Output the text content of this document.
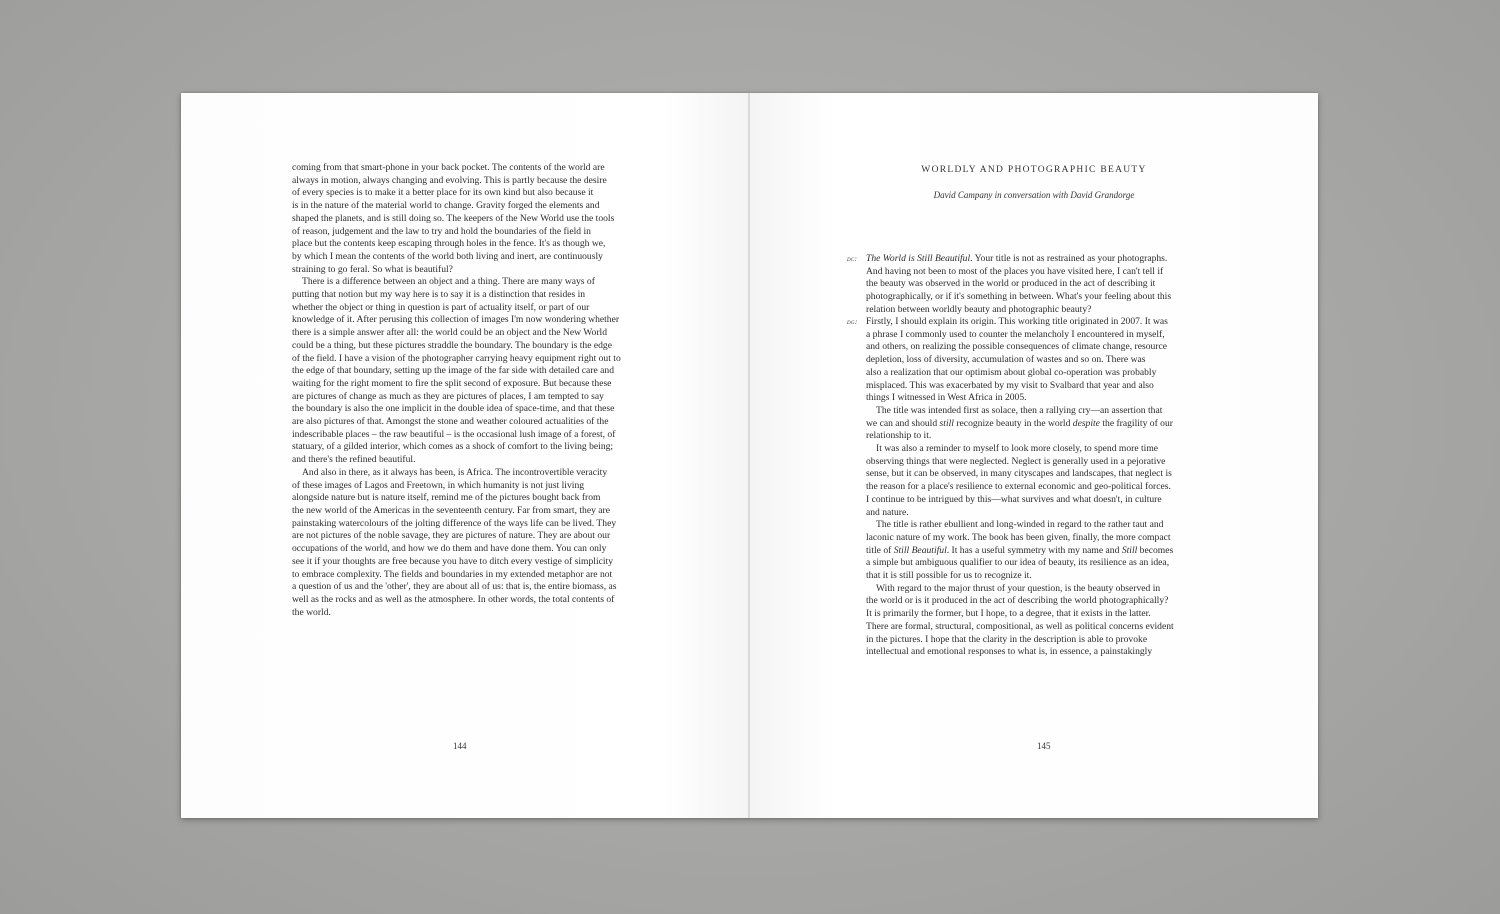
coming from that smart-phone in your back pocket. The contents of the world are
always in motion, always changing and evolving. This is partly because the desire
of every species is to make it a better place for its own kind but also because it
is in the nature of the material world to change. Gravity forged the elements and
shaped the planets, and is still doing so. The keepers of the New World use the tools
of reason, judgement and the law to try and hold the boundaries of the field in
place but the contents keep escaping through holes in the fence. It's as though we,
by which I mean the contents of the world both living and inert, are continuously
straining to go feral. So what is beautiful?
There is a difference between an object and a thing. There are many ways of
putting that notion but my way here is to say it is a distinction that resides in
whether the object or thing in question is part of actuality itself, or part of our
knowledge of it. After perusing this collection of images I'm now wondering whether
there is a simple answer after all: the world could be an object and the New World
could be a thing, but these pictures straddle the boundary. The boundary is the edge
of the field. I have a vision of the photographer carrying heavy equipment right out to
the edge of that boundary, setting up the image of the far side with detailed care and
waiting for the right moment to fire the split second of exposure. But because these
are pictures of change as much as they are pictures of places, I am tempted to say
the boundary is also the one implicit in the double idea of space-time, and that these
are also pictures of that. Amongst the stone and weather coloured actualities of the
indescribable places – the raw beautiful – is the occasional lush image of a forest, of
statuary, of a gilded interior, which comes as a shock of comfort to the living being;
and there's the refined beautiful.
And also in there, as it always has been, is Africa. The incontrovertible veracity
of these images of Lagos and Freetown, in which humanity is not just living
alongside nature but is nature itself, remind me of the pictures bought back from
the new world of the Americas in the seventeenth century. Far from smart, they are
painstaking watercolours of the jolting difference of the ways life can be lived. They
are not pictures of the noble savage, they are pictures of nature. They are about our
occupations of the world, and how we do them and have done them. You can only
see it if your thoughts are free because you have to ditch every vestige of simplicity
to embrace complexity. The fields and boundaries in my extended metaphor are not
a question of us and the 'other', they are about all of us: that is, the entire biomass, as
well as the rocks and as well as the atmosphere. In other words, the total contents of
the world.
144
WORLDLY AND PHOTOGRAPHIC BEAUTY
David Campany in conversation with David Grandorge
dc: The World is Still Beautiful. Your title is not as restrained as your photographs.
And having not been to most of the places you have visited here, I can't tell if
the beauty was observed in the world or produced in the act of describing it
photographically, or if it's something in between. What's your feeling about this
relation between worldly beauty and photographic beauty?
dg: Firstly, I should explain its origin. This working title originated in 2007. It was
a phrase I commonly used to counter the melancholy I encountered in myself,
and others, on realizing the possible consequences of climate change, resource
depletion, loss of diversity, accumulation of wastes and so on. There was
also a realization that our optimism about global co-operation was probably
misplaced. This was exacerbated by my visit to Svalbard that year and also
things I witnessed in West Africa in 2005.
The title was intended first as solace, then a rallying cry—an assertion that
we can and should still recognize beauty in the world despite the fragility of our
relationship to it.
It was also a reminder to myself to look more closely, to spend more time
observing things that were neglected. Neglect is generally used in a pejorative
sense, but it can be observed, in many cityscapes and landscapes, that neglect is
the reason for a place's resilience to external economic and geo-political forces.
I continue to be intrigued by this—what survives and what doesn't, in culture
and nature.
The title is rather ebullient and long-winded in regard to the rather taut and
laconic nature of my work. The book has been given, finally, the more compact
title of Still Beautiful. It has a useful symmetry with my name and Still becomes
a simple but ambiguous qualifier to our idea of beauty, its resilience as an idea,
that it is still possible for us to recognize it.
With regard to the major thrust of your question, is the beauty observed in
the world or is it produced in the act of describing the world photographically?
It is primarily the former, but I hope, to a degree, that it exists in the latter.
There are formal, structural, compositional, as well as political concerns evident
in the pictures. I hope that the clarity in the description is able to provoke
intellectual and emotional responses to what is, in essence, a painstakingly
145
